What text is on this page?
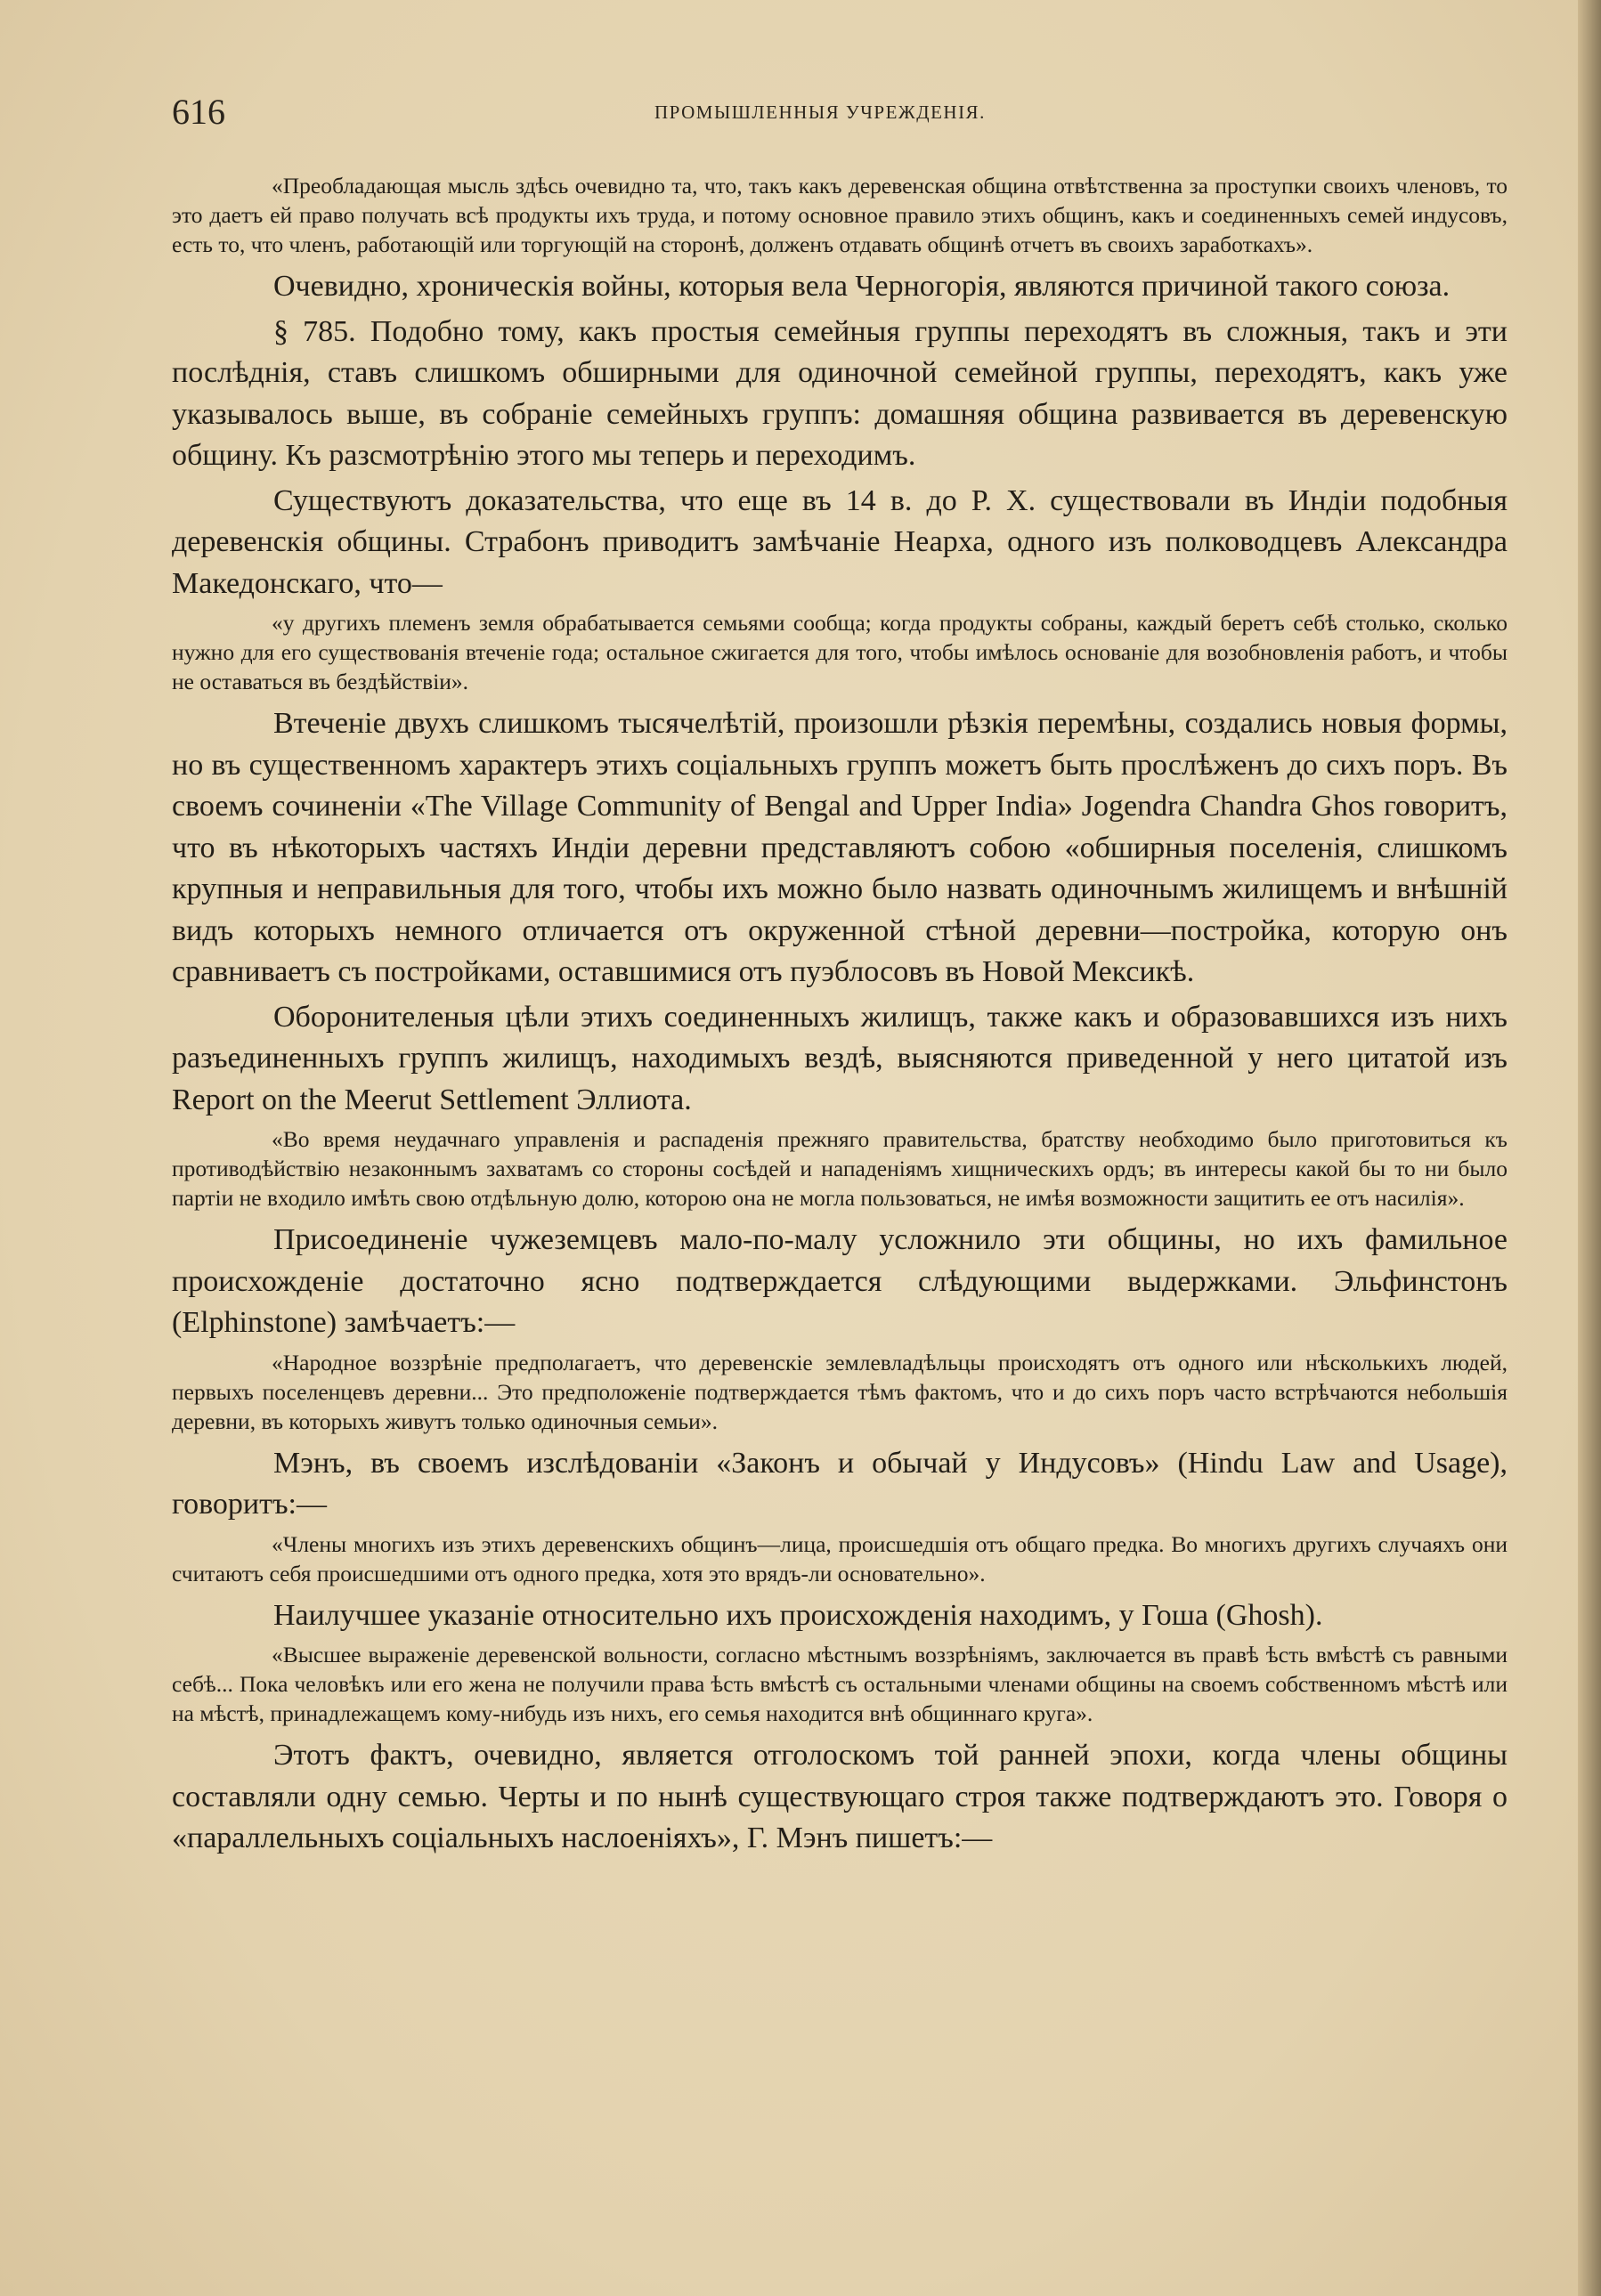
616	ПРОМЫШЛЕННЫЯ УЧРЕЖДЕНІЯ.

«Преобладающая мысль здѣсь очевидно та, что, такъ какъ деревенская община отвѣтственна за проступки своихъ членовъ, то это даетъ ей право получать всѣ продукты ихъ труда, и потому основное правило этихъ общинъ, какъ и соединенныхъ семей индусовъ, есть то, что членъ, работающій или торгующій на сторонѣ, долженъ отдавать общинѣ отчетъ въ своихъ заработкахъ».

Очевидно, хроническія войны, которыя вела Черногорія, являются причиной такого союза.

§ 785. Подобно тому, какъ простыя семейныя группы переходятъ въ сложныя, такъ и эти послѣднія, ставъ слишкомъ обширными для одиночной семейной группы, переходятъ, какъ уже указывалось выше, въ собраніе семейныхъ группъ: домашняя община развивается въ деревенскую общину. Къ разсмотрѣнію этого мы теперь и переходимъ.

Существуютъ доказательства, что еще въ 14 в. до Р. Х. существовали въ Индіи подобныя деревенскія общины. Страбонъ приводитъ замѣчаніе Неарха, одного изъ полководцевъ Александра Македонскаго, что—

«у другихъ племенъ земля обрабатывается семьями сообща; когда продукты собраны, каждый беретъ себѣ столько, сколько нужно для его существованія втеченіе года; остальное сжигается для того, чтобы имѣлось основаніе для возобновленія работъ, и чтобы не оставаться въ бездѣйствіи».

Втеченіе двухъ слишкомъ тысячелѣтій, произошли рѣзкія перемѣны, создались новыя формы, но въ существенномъ характеръ этихъ соціальныхъ группъ можетъ быть прослѣженъ до сихъ поръ. Въ своемъ сочиненіи «The Village Community of Bengal and Upper India» Jogendra Chandra Ghos говоритъ, что въ нѣкоторыхъ частяхъ Индіи деревни представляютъ собою «обширныя поселенія, слишкомъ крупныя и неправильныя для того, чтобы ихъ можно было назвать одиночнымъ жилищемъ и внѣшній видъ которыхъ немного отличается отъ окруженной стѣной деревни—постройка, которую онъ сравниваетъ съ постройками, оставшимися отъ пуэблосовъ въ Новой Мексикѣ.

Оборонителеныя цѣли этихъ соединенныхъ жилищъ, также какъ и образовавшихся изъ нихъ разъединенныхъ группъ жилищъ, находимыхъ вездѣ, выясняются приведенной у него цитатой изъ Report on the Meerut Settlement Эллиота.

«Во время неудачнаго управленія и распаденія прежняго правительства, братству необходимо было приготовиться къ противодѣйствію незаконнымъ захватамъ со стороны сосѣдей и нападеніямъ хищническихъ ордъ; въ интересы какой бы то ни было партіи не входило имѣть свою отдѣльную долю, которою она не могла пользоваться, не имѣя возможности защитить ее отъ насилія».

Присоединеніе чужеземцевъ мало-по-малу усложнило эти общины, но ихъ фамильное происхожденіе достаточно ясно подтверждается слѣдующими выдержками. Эльфинстонъ (Elphinstone) замѣчаетъ:—

«Народное воззрѣніе предполагаетъ, что деревенскіе землевладѣльцы происходятъ отъ одного или нѣсколькихъ людей, первыхъ поселенцевъ деревни... Это предположеніе подтверждается тѣмъ фактомъ, что и до сихъ поръ часто встрѣчаются небольшія деревни, въ которыхъ живутъ только одиночныя семьи».

Мэнъ, въ своемъ изслѣдованіи «Законъ и обычай у Индусовъ» (Hindu Law and Usage), говоритъ:—

«Члены многихъ изъ этихъ деревенскихъ общинъ—лица, происшедшія отъ общаго предка. Во многихъ другихъ случаяхъ они считаютъ себя происшедшими отъ одного предка, хотя это врядъ-ли основательно».

Наилучшее указаніе относительно ихъ происхожденія находимъ, у Гоша (Ghosh).

«Высшее выраженіе деревенской вольности, согласно мѣстнымъ воззрѣніямъ, заключается въ правѣ ѣсть вмѣстѣ съ равными себѣ... Пока человѣкъ или его жена не получили права ѣсть вмѣстѣ съ остальными членами общины на своемъ собственномъ мѣстѣ или на мѣстѣ, принадлежащемъ кому-нибудь изъ нихъ, его семья находится внѣ общиннаго круга».

Этотъ фактъ, очевидно, является отголоскомъ той ранней эпохи, когда члены общины составляли одну семью. Черты и по нынѣ существующаго строя также подтверждаютъ это. Говоря о «параллельныхъ соціальныхъ наслоеніяхъ», Г. Мэнъ пишетъ:—
